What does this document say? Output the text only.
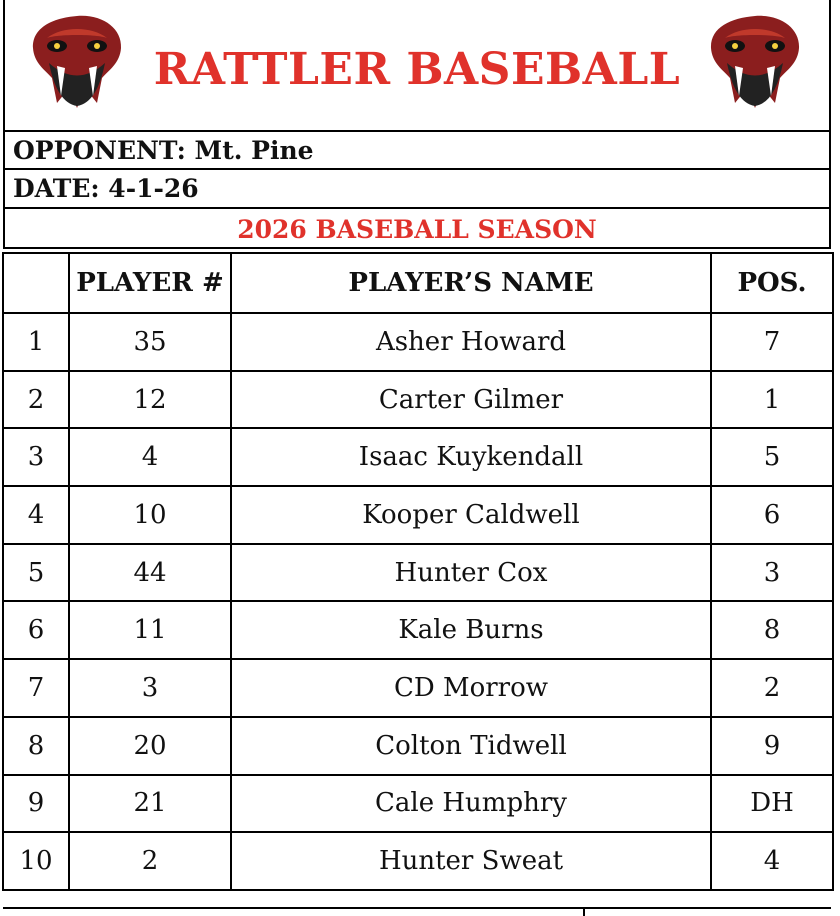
RATTLER BASEBALL
OPPONENT: Mt. Pine
DATE: 4-1-26
2026 BASEBALL SEASON
	PLAYER #	PLAYER’S NAME	POS.
1	35	Asher Howard	7
2	12	Carter Gilmer	1
3	4	Isaac Kuykendall	5
4	10	Kooper Caldwell	6
5	44	Hunter Cox	3
6	11	Kale Burns	8
7	3	CD Morrow	2
8	20	Colton Tidwell	9
9	21	Cale Humphry	DH
10	2	Hunter Sweat	4
